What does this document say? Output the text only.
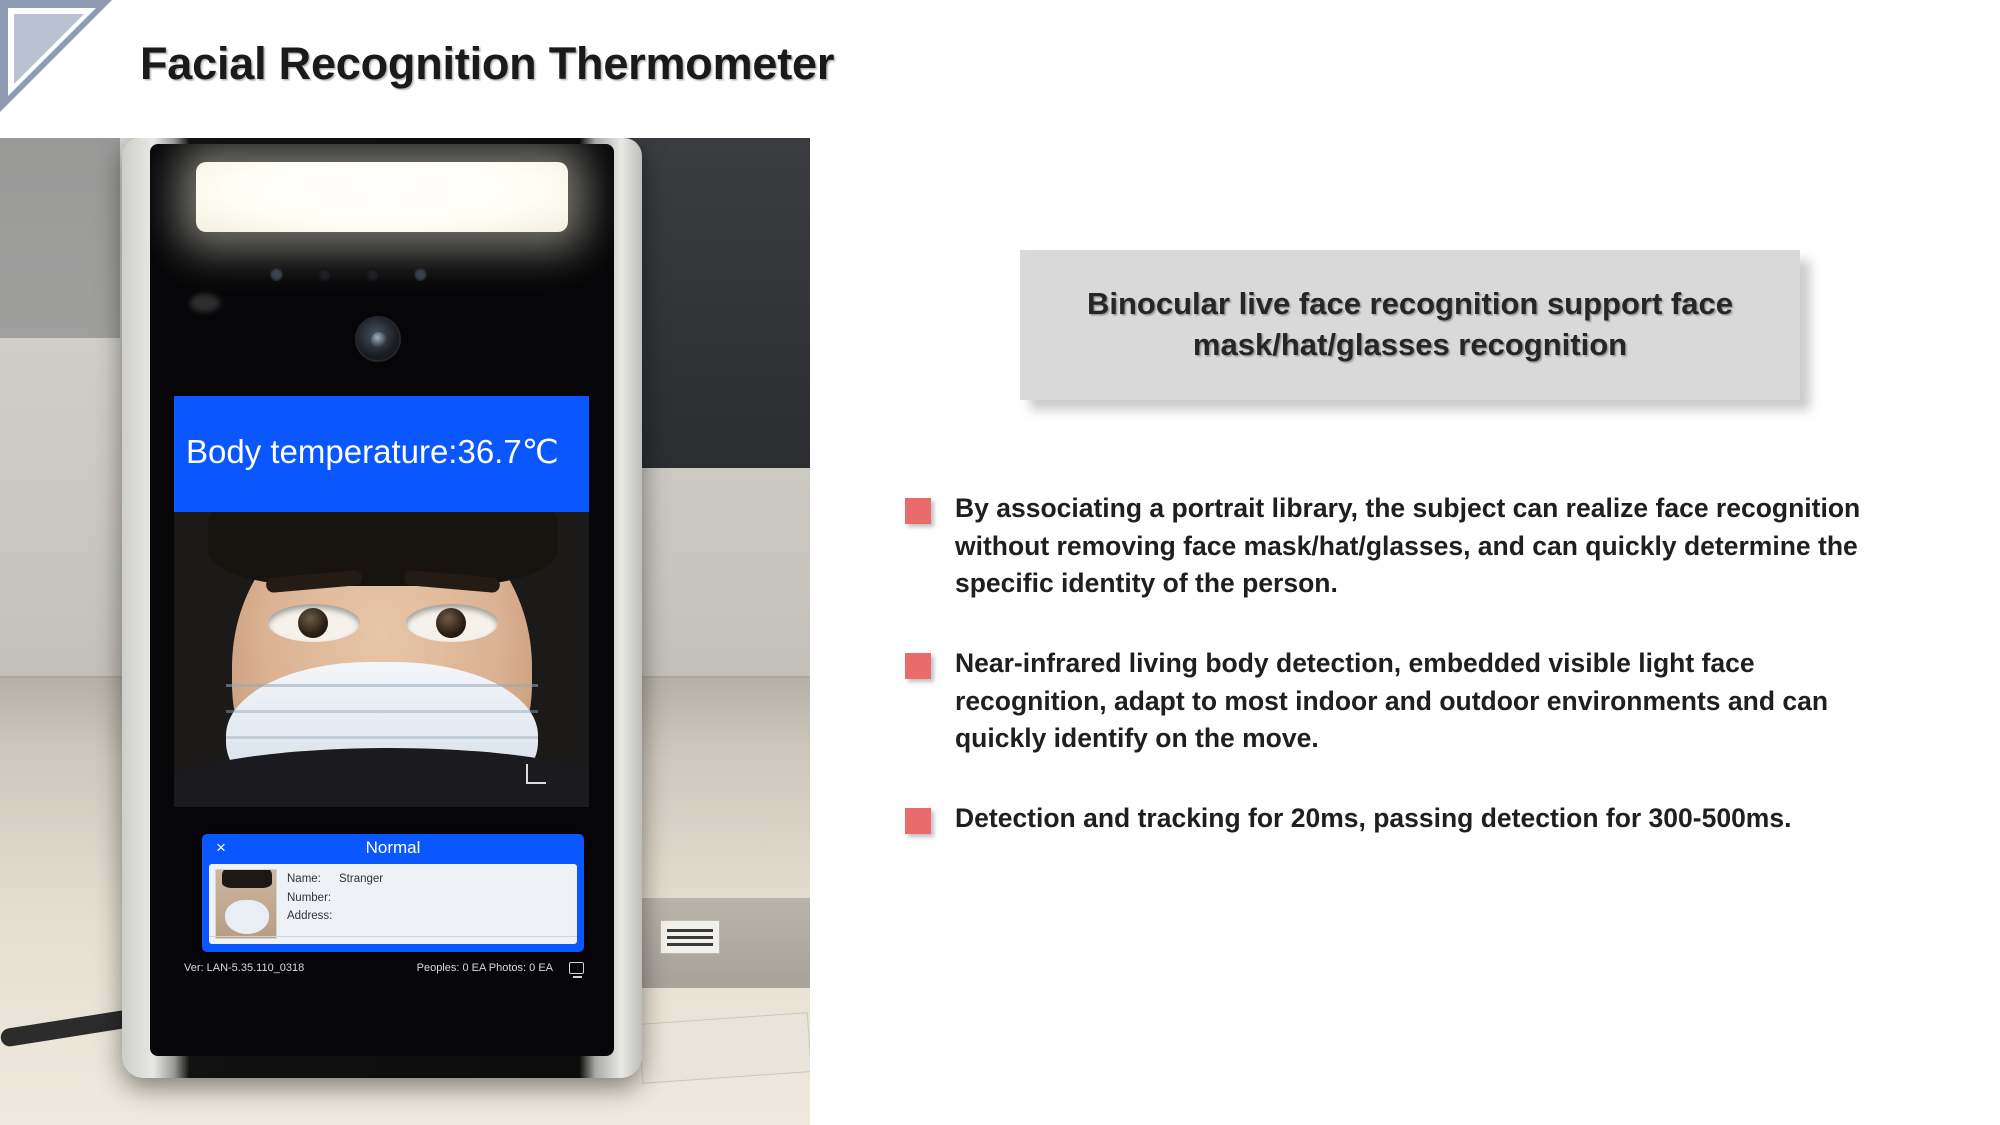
Facial Recognition Thermometer
Body temperature:36.7℃
×	Normal
Name:	Stranger
Number:
Address:
Ver: LAN-5.35.110_0318	Peoples: 0 EA Photos: 0 EA
Binocular live face recognition support face mask/hat/glasses recognition
By associating a portrait library, the subject can realize face recognition without removing face mask/hat/glasses, and can quickly determine the specific identity of the person.
Near-infrared living body detection, embedded visible light face recognition, adapt to most indoor and outdoor environments and can quickly identify on the move.
Detection and tracking for 20ms, passing detection for 300-500ms.
